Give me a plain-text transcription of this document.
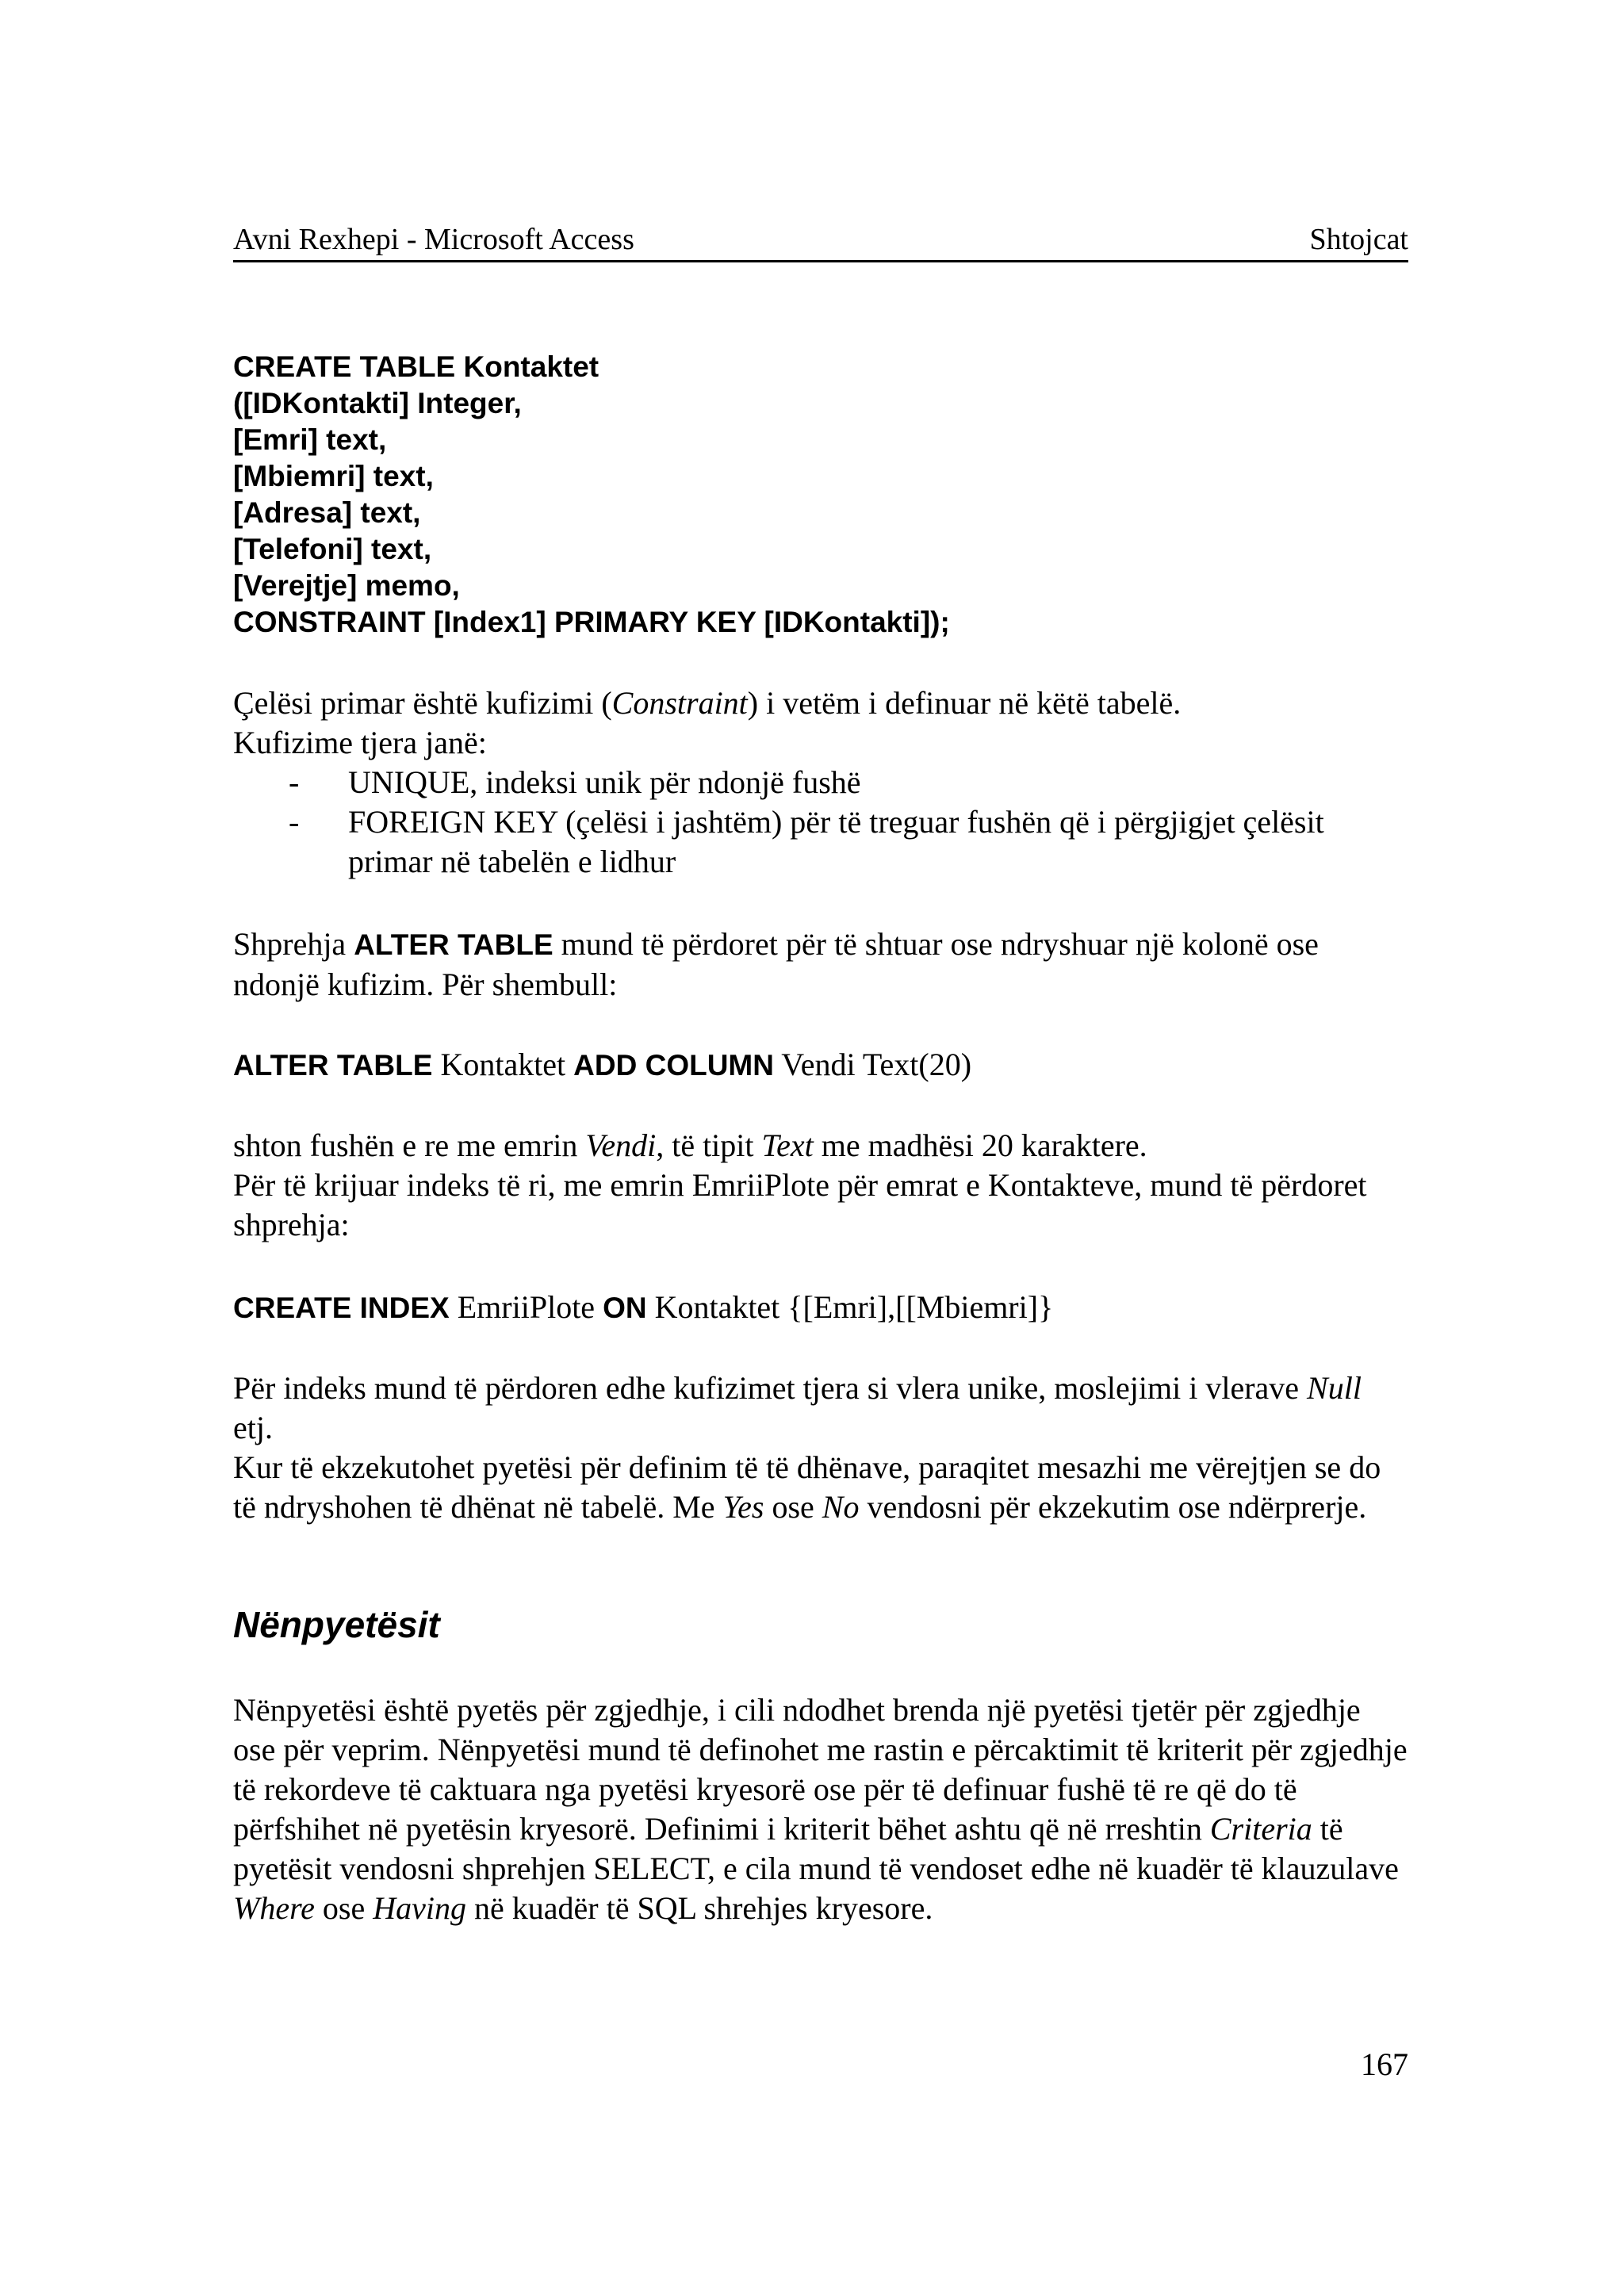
Avni Rexhepi - Microsoft Access	Shtojcat
CREATE TABLE Kontaktet
([IDKontakti] Integer,
[Emri] text,
[Mbiemri] text,
[Adresa] text,
[Telefoni] text,
[Verejtje] memo,
CONSTRAINT [Index1] PRIMARY KEY [IDKontakti]);

Çelësi primar është kufizimi (Constraint) i vetëm i definuar në këtë tabelë.

Kufizime tjera janë:

- UNIQUE, indeksi unik për ndonjë fushë
- FOREIGN KEY (çelësi i jashtëm) për të treguar fushën që i përgjigjet çelësit primar në tabelën e lidhur

Shprehja ALTER TABLE mund të përdoret për të shtuar ose ndryshuar një kolonë ose ndonjë kufizim. Për shembull:

ALTER TABLE Kontaktet ADD COLUMN Vendi Text(20)

shton fushën e re me emrin Vendi, të tipit Text me madhësi 20 karaktere.

Për të krijuar indeks të ri, me emrin EmriiPlote për emrat e Kontakteve, mund të përdoret shprehja:

CREATE INDEX EmriiPlote ON Kontaktet {[Emri],[[Mbiemri]}

Për indeks mund të përdoren edhe kufizimet tjera si vlera unike, moslejimi i vlerave Null etj.

Kur të ekzekutohet pyetësi për definim të të dhënave, paraqitet mesazhi me vërejtjen se do të ndryshohen të dhënat në tabelë. Me Yes ose No vendosni për ekzekutim ose ndërprerje.

Nënpyetësit

Nënpyetësi është pyetës për zgjedhje, i cili ndodhet brenda një pyetësi tjetër për zgjedhje ose për veprim. Nënpyetësi mund të definohet me rastin e përcaktimit të kriterit për zgjedhje të rekordeve të caktuara nga pyetësi kryesorë ose për të definuar fushë të re që do të përfshihet në pyetësin kryesorë. Definimi i kriterit bëhet ashtu që në rreshtin Criteria të pyetësit vendosni shprehjen SELECT, e cila mund të vendoset edhe në kuadër të klauzulave Where ose Having në kuadër të SQL shrehjes kryesore.

167
